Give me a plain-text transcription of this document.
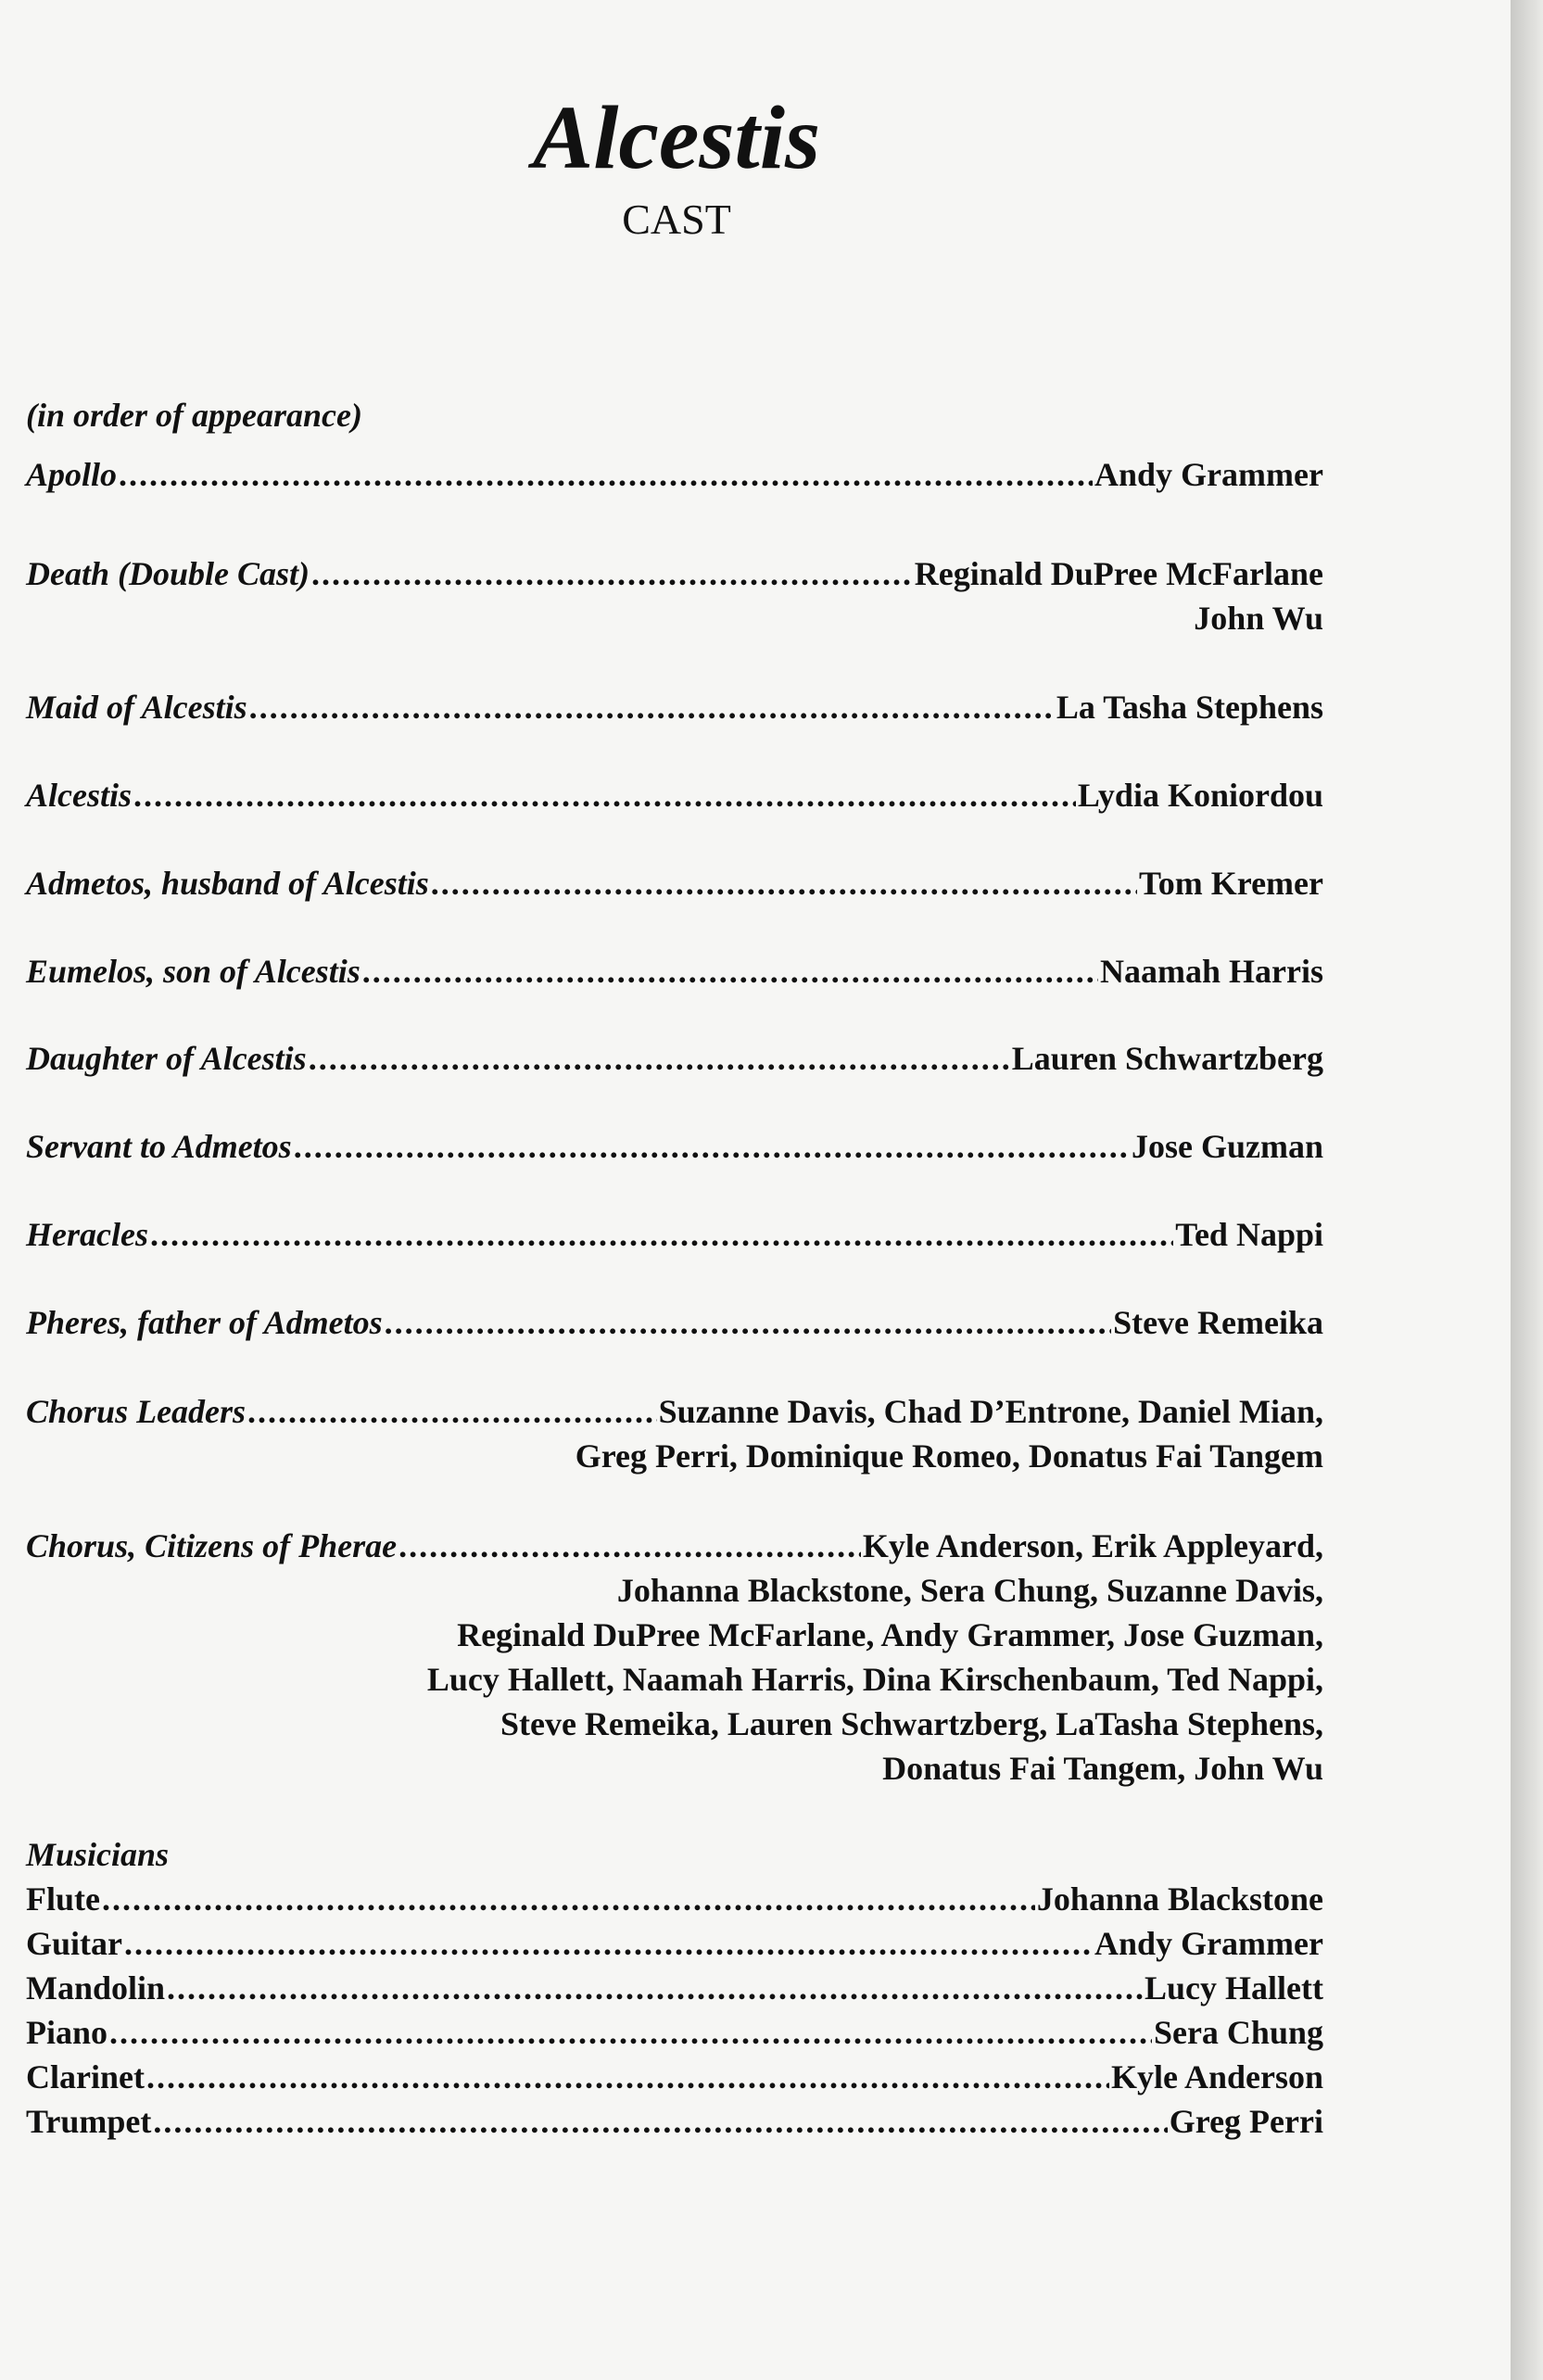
Alcestis
CAST
(in order of appearance)
Apollo .....	Andy Grammer
Death (Double Cast) .....	Reginald DuPree McFarlane
John Wu
Maid of Alcestis .....	La Tasha Stephens
Alcestis .....	Lydia Koniordou
Admetos, husband of Alcestis .....	Tom Kremer
Eumelos, son of Alcestis .....	Naamah Harris
Daughter of Alcestis .....	Lauren Schwartzberg
Servant to Admetos .....	Jose Guzman
Heracles .....	Ted Nappi
Pheres, father of Admetos .....	Steve Remeika
Chorus Leaders .....	Suzanne Davis, Chad D’Entrone, Daniel Mian,
Greg Perri, Dominique Romeo, Donatus Fai Tangem
Chorus, Citizens of Pherae .....	Kyle Anderson, Erik Appleyard,
Johanna Blackstone, Sera Chung, Suzanne Davis,
Reginald DuPree McFarlane, Andy Grammer, Jose Guzman,
Lucy Hallett, Naamah Harris, Dina Kirschenbaum, Ted Nappi,
Steve Remeika, Lauren Schwartzberg, LaTasha Stephens,
Donatus Fai Tangem, John Wu
Musicians
Flute .....	Johanna Blackstone
Guitar .....	Andy Grammer
Mandolin .....	Lucy Hallett
Piano .....	Sera Chung
Clarinet .....	Kyle Anderson
Trumpet .....	Greg Perri
